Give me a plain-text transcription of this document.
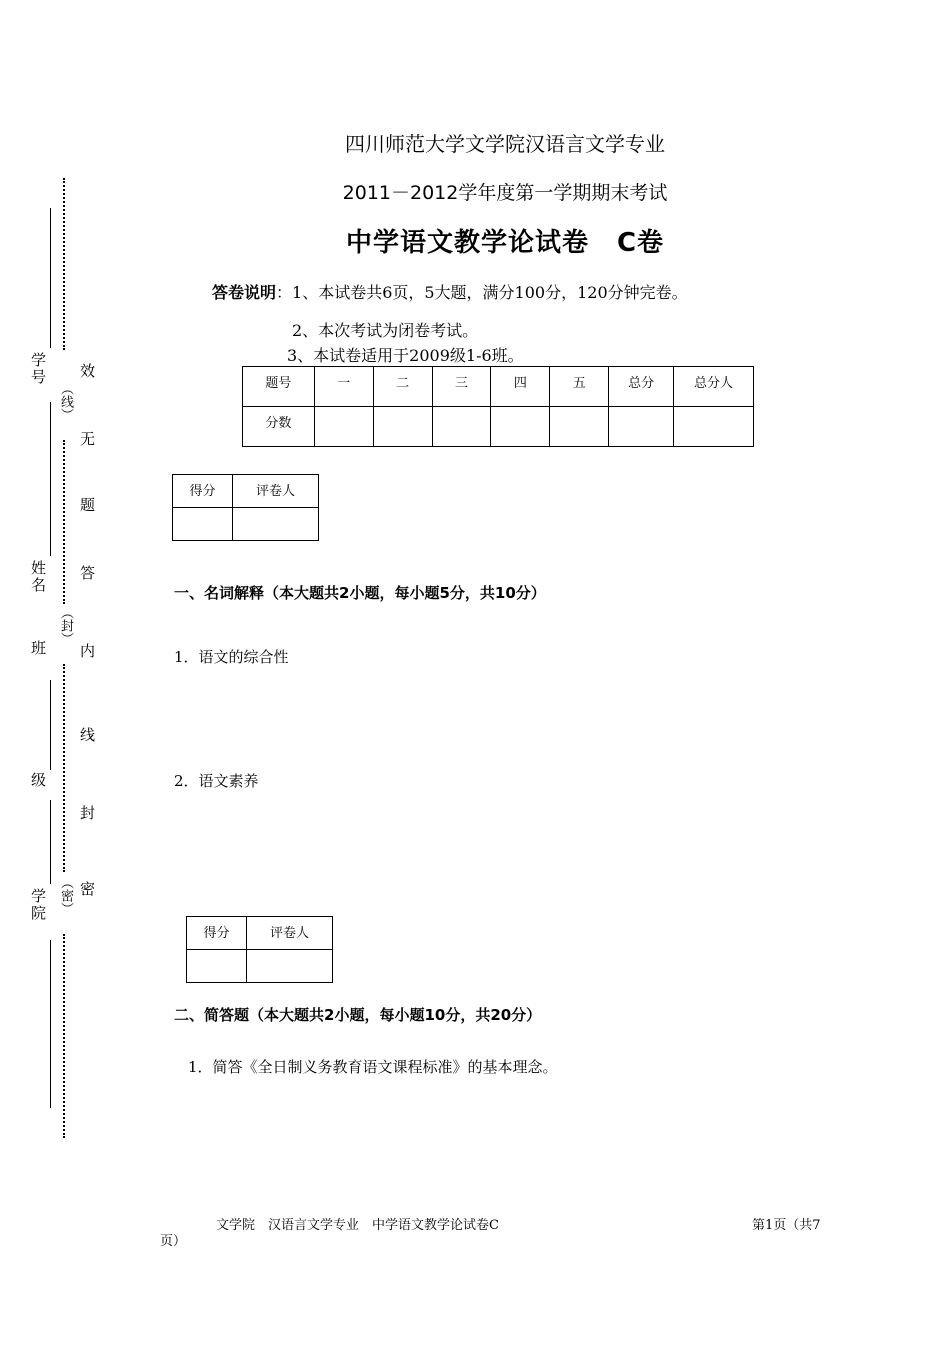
学号
姓名
班
级
学院
（线）
（封）
（密）
效
无
题
答
内
线
封
密
四川师范大学文学院汉语言文学专业
2011－2012学年度第一学期期末考试
中学语文教学论试卷 C卷
答卷说明：1、本试卷共6页，5大题，满分100分，120分钟完卷。
2、本次考试为闭卷考试。
3、本试卷适用于2009级1-6班。
题号	一	二	三	四	五	总分	总分人
分数							
得分	评卷人

一、名词解释（本大题共2小题，每小题5分，共10分）
1．语文的综合性
2．语文素养
得分	评卷人

二、简答题（本大题共2小题，每小题10分，共20分）
1．简答《全日制义务教育语文课程标准》的基本理念。
文学院　汉语言文学专业　中学语文教学论试卷C	第1页（共7
页）
